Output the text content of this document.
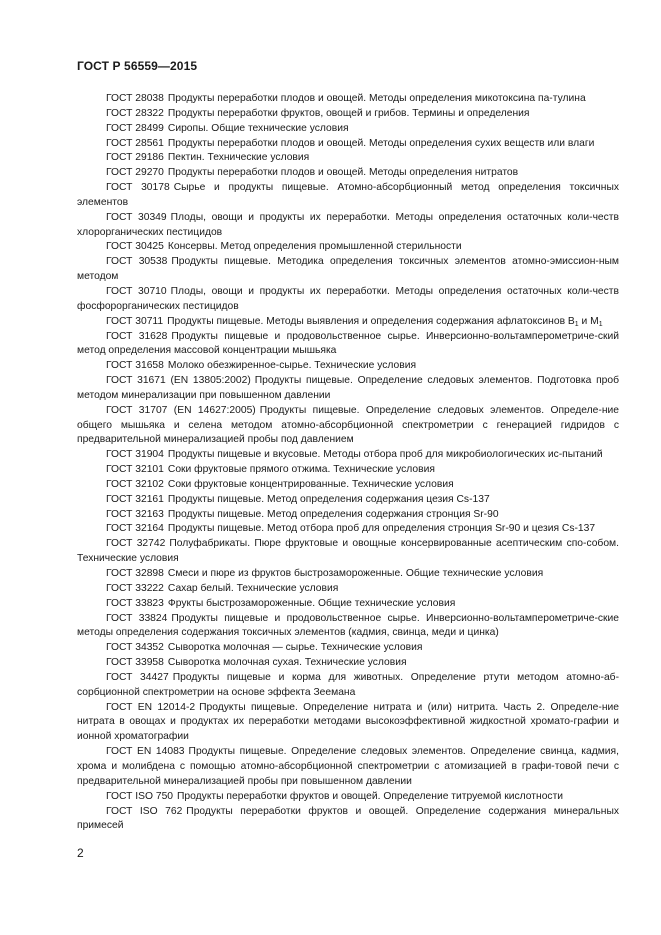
ГОСТ Р 56559—2015

ГОСТ 28038 Продукты переработки плодов и овощей. Методы определения микотоксина па-тулина

ГОСТ 28322 Продукты переработки фруктов, овощей и грибов. Термины и определения

ГОСТ 28499 Сиропы. Общие технические условия

ГОСТ 28561 Продукты переработки плодов и овощей. Методы определения сухих веществ или влаги

ГОСТ 29186 Пектин. Технические условия

ГОСТ 29270 Продукты переработки плодов и овощей. Методы определения нитратов

ГОСТ 30178 Сырье и продукты пищевые. Атомно-абсорбционный метод определения токсичных элементов

ГОСТ 30349 Плоды, овощи и продукты их переработки. Методы определения остаточных коли-честв хлорорганических пестицидов

ГОСТ 30425 Консервы. Метод определения промышленной стерильности

ГОСТ 30538 Продукты пищевые. Методика определения токсичных элементов атомно-эмиссион-ным методом

ГОСТ 30710 Плоды, овощи и продукты их переработки. Методы определения остаточных коли-честв фосфорорганических пестицидов

ГОСТ 30711 Продукты пищевые. Методы выявления и определения содержания афлатоксинов $В_1$ и $М_1$

ГОСТ 31628 Продукты пищевые и продовольственное сырье. Инверсионно-вольтамперометриче-ский метод определения массовой концентрации мышьяка

ГОСТ 31658 Молоко обезжиренное-сырье. Технические условия

ГОСТ 31671 (EN 13805:2002) Продукты пищевые. Определение следовых элементов. Подготовка проб методом минерализации при повышенном давлении

ГОСТ 31707 (EN 14627:2005) Продукты пищевые. Определение следовых элементов. Определе-ние общего мышьяка и селена методом атомно-абсорбционной спектрометрии с генерацией гидридов с предварительной минерализацией пробы под давлением

ГОСТ 31904 Продукты пищевые и вкусовые. Методы отбора проб для микробиологических ис-пытаний

ГОСТ 32101 Соки фруктовые прямого отжима. Технические условия

ГОСТ 32102 Соки фруктовые концентрированные. Технические условия

ГОСТ 32161 Продукты пищевые. Метод определения содержания цезия Cs-137

ГОСТ 32163 Продукты пищевые. Метод определения содержания стронция Sr-90

ГОСТ 32164 Продукты пищевые. Метод отбора проб для определения стронция Sr-90 и цезия Cs-137

ГОСТ 32742 Полуфабрикаты. Пюре фруктовые и овощные консервированные асептическим спо-собом. Технические условия

ГОСТ 32898 Смеси и пюре из фруктов быстрозамороженные. Общие технические условия

ГОСТ 33222 Сахар белый. Технические условия

ГОСТ 33823 Фрукты быстрозамороженные. Общие технические условия

ГОСТ 33824 Продукты пищевые и продовольственное сырье. Инверсионно-вольтамперометриче-ские методы определения содержания токсичных элементов (кадмия, свинца, меди и цинка)

ГОСТ 34352 Сыворотка молочная — сырье. Технические условия

ГОСТ 33958 Сыворотка молочная сухая. Технические условия

ГОСТ 34427 Продукты пищевые и корма для животных. Определение ртути методом атомно-аб-сорбционной спектрометрии на основе эффекта Зеемана

ГОСТ EN 12014-2 Продукты пищевые. Определение нитрата и (или) нитрита. Часть 2. Определе-ние нитрата в овощах и продуктах их переработки методами высокоэффективной жидкостной хромато-графии и ионной хроматографии

ГОСТ EN 14083 Продукты пищевые. Определение следовых элементов. Определение свинца, кадмия, хрома и молибдена с помощью атомно-абсорбционной спектрометрии с атомизацией в графи-товой печи с предварительной минерализацией пробы при повышенном давлении

ГОСТ ISO 750 Продукты переработки фруктов и овощей. Определение титруемой кислотности

ГОСТ ISO 762 Продукты переработки фруктов и овощей. Определение содержания минеральных примесей

2
